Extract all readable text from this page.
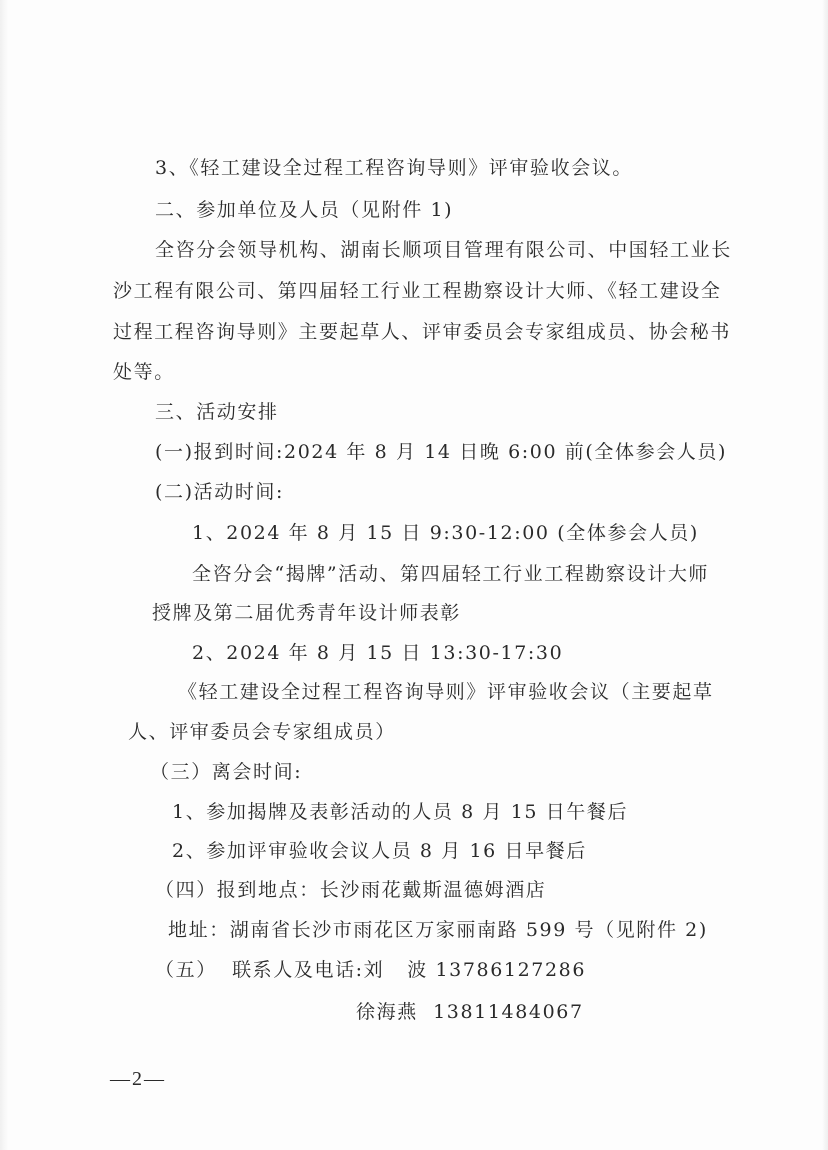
3、《轻工建设全过程工程咨询导则》评审验收会议。
二、参加单位及人员（见附件 1)
全咨分会领导机构、湖南长顺项目管理有限公司、中国轻工业长
沙工程有限公司、第四届轻工行业工程勘察设计大师、《轻工建设全
过程工程咨询导则》主要起草人、评审委员会专家组成员、协会秘书
处等。
三、活动安排
(一)报到时间:2024 年 8 月 14 日晚 6:00 前(全体参会人员)
(二)活动时间:
1、2024 年 8 月 15 日 9:30-12:00 (全体参会人员)
全咨分会“揭牌”活动、第四届轻工行业工程勘察设计大师
授牌及第二届优秀青年设计师表彰
2、2024 年 8 月 15 日 13:30-17:30
《轻工建设全过程工程咨询导则》评审验收会议（主要起草
人、评审委员会专家组成员）
（三）离会时间:
1、参加揭牌及表彰活动的人员 8 月 15 日午餐后
2、参加评审验收会议人员 8 月 16 日早餐后
（四）报到地点：长沙雨花戴斯温德姆酒店
地址：湖南省长沙市雨花区万家丽南路 599 号（见附件 2)
（五）  联系人及电话:刘   波 13786127286
徐海燕  13811484067
—2—
